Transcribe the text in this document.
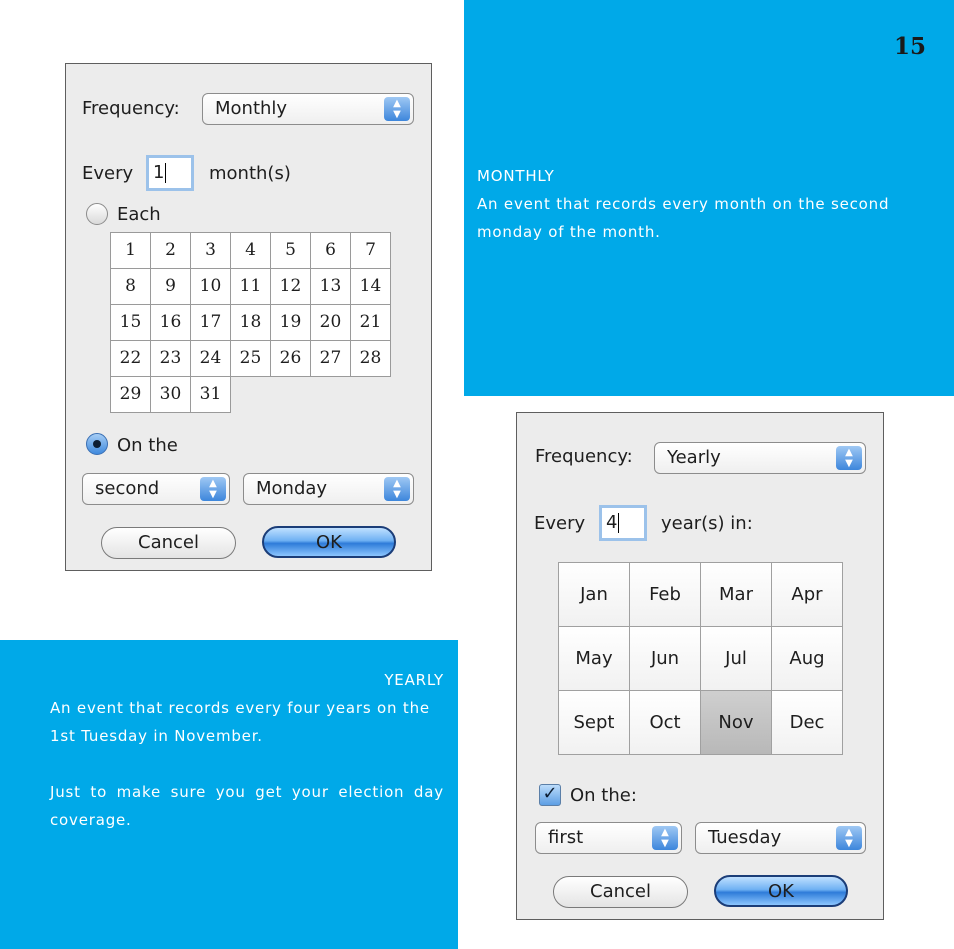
15
MONTHLY
An event that records every month on the second
monday of the month.
YEARLY
An event that records every four years on the
1st Tuesday in November.
Just to make sure you get your election day
coverage.
Frequency:	Monthly	▲
▼
Every	1	month(s)
Each
1	2	3	4	5	6	7
8	9	10	11	12	13	14
15	16	17	18	19	20	21
22	23	24	25	26	27	28
29	30	31
On the
second	▲
▼	Monday	▲
▼
Cancel	OK
Frequency:	Yearly	▲
▼
Every	4	year(s) in:
Jan	Feb	Mar	Apr
May	Jun	Jul	Aug
Sept	Oct	Nov	Dec
✓ On the:
first	▲
▼	Tuesday	▲
▼
Cancel	OK
